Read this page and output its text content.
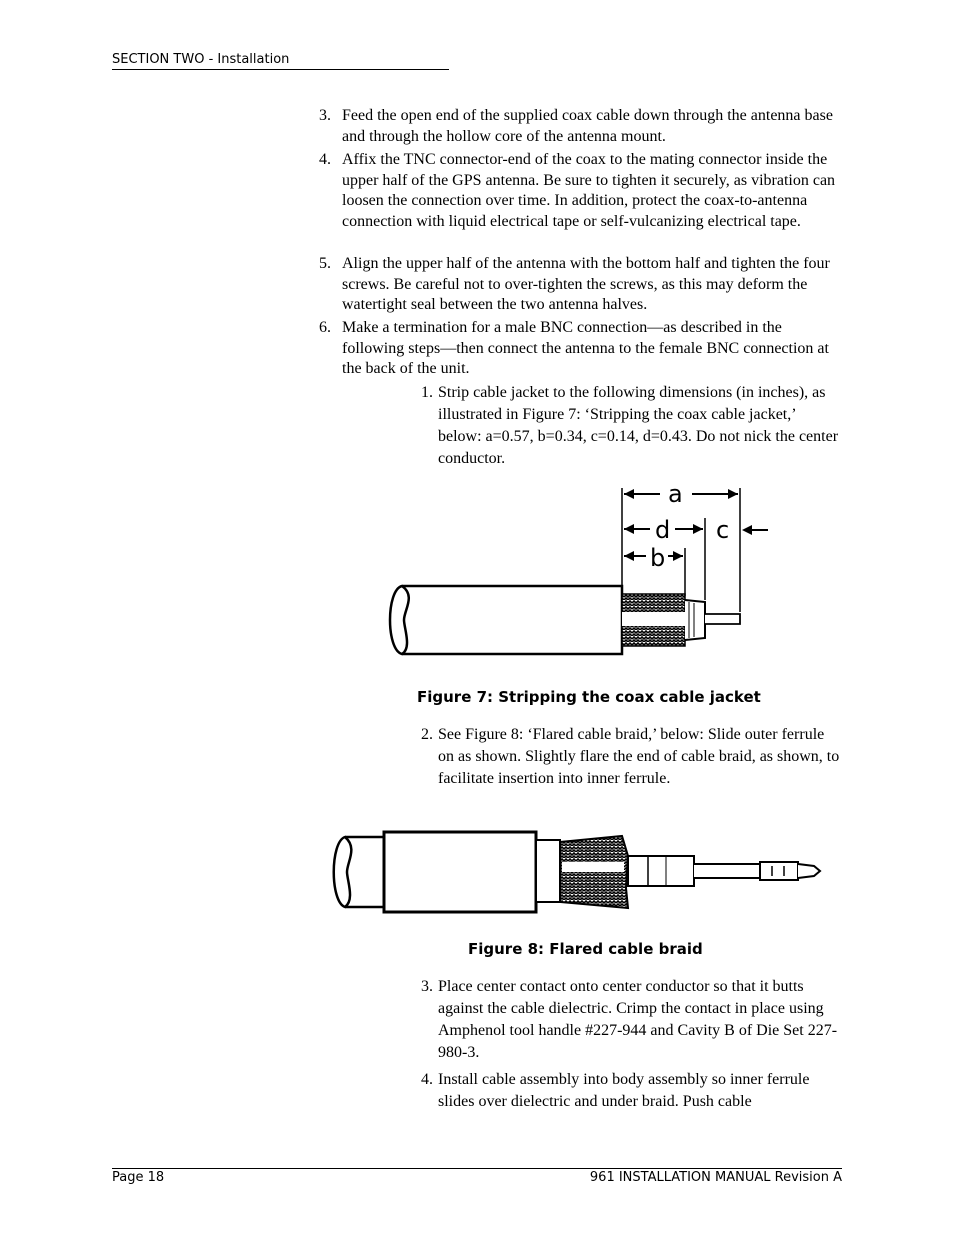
SECTION TWO - Installation
3. Feed the open end of the supplied coax cable down through the antenna base and through the hollow core of the antenna mount.
4. Affix the TNC connector-end of the coax to the mating connector inside the upper half of the GPS antenna. Be sure to tighten it securely, as vibration can loosen the connection over time. In addition, protect the coax-to-antenna connection with liquid electrical tape or self-vulcanizing electrical tape.
5. Align the upper half of the antenna with the bottom half and tighten the four screws. Be careful not to over-tighten the screws, as this may deform the watertight seal between the two antenna halves.
6. Make a termination for a male BNC connection—as described in the following steps—then connect the antenna to the female BNC connection at the back of the unit.
1. Strip cable jacket to the following dimensions (in inches), as illustrated in Figure 7: ‘Stripping the coax cable jacket,’ below: a=0.57, b=0.34, c=0.14, d=0.43. Do not nick the center conductor.
a
d c
b
Figure 7: Stripping the coax cable jacket
2. See Figure 8: ‘Flared cable braid,’ below: Slide outer ferrule on as shown. Slightly flare the end of cable braid, as shown, to facilitate insertion into inner ferrule.
Figure 8: Flared cable braid
3. Place center contact onto center conductor so that it butts against the cable dielectric. Crimp the contact in place using Amphenol tool handle #227-944 and Cavity B of Die Set 227-980-3.
4. Install cable assembly into body assembly so inner ferrule slides over dielectric and under braid. Push cable
Page 18	961 INSTALLATION MANUAL Revision A
